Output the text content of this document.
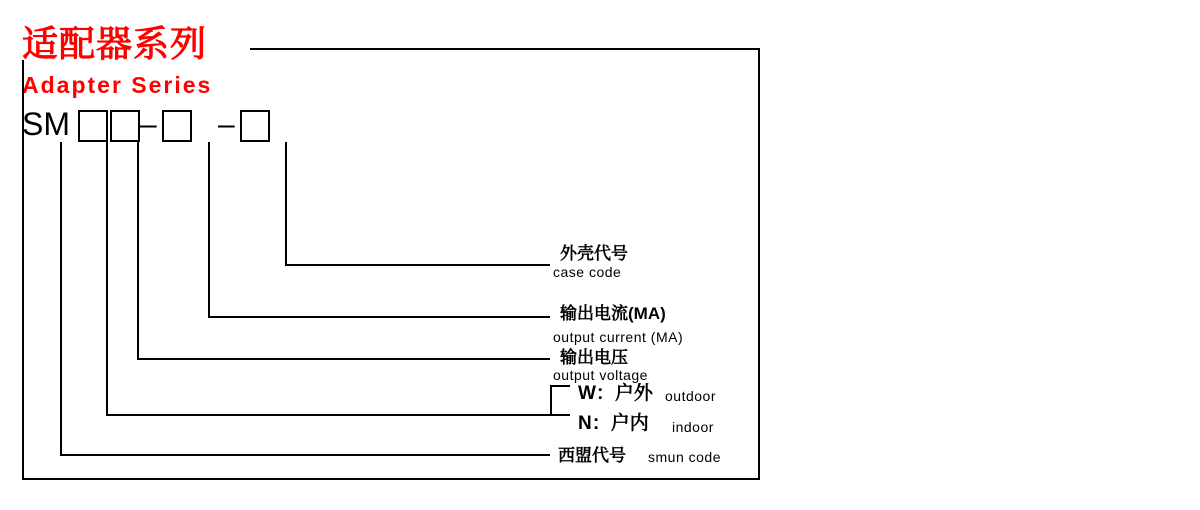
适配器系列
Adapter Series
SM – –
外壳代号
case code
输出电流(MA)
output current (MA)
输出电压
output voltage
W：户外 outdoor
N：户内 indoor
西盟代号 smun code
